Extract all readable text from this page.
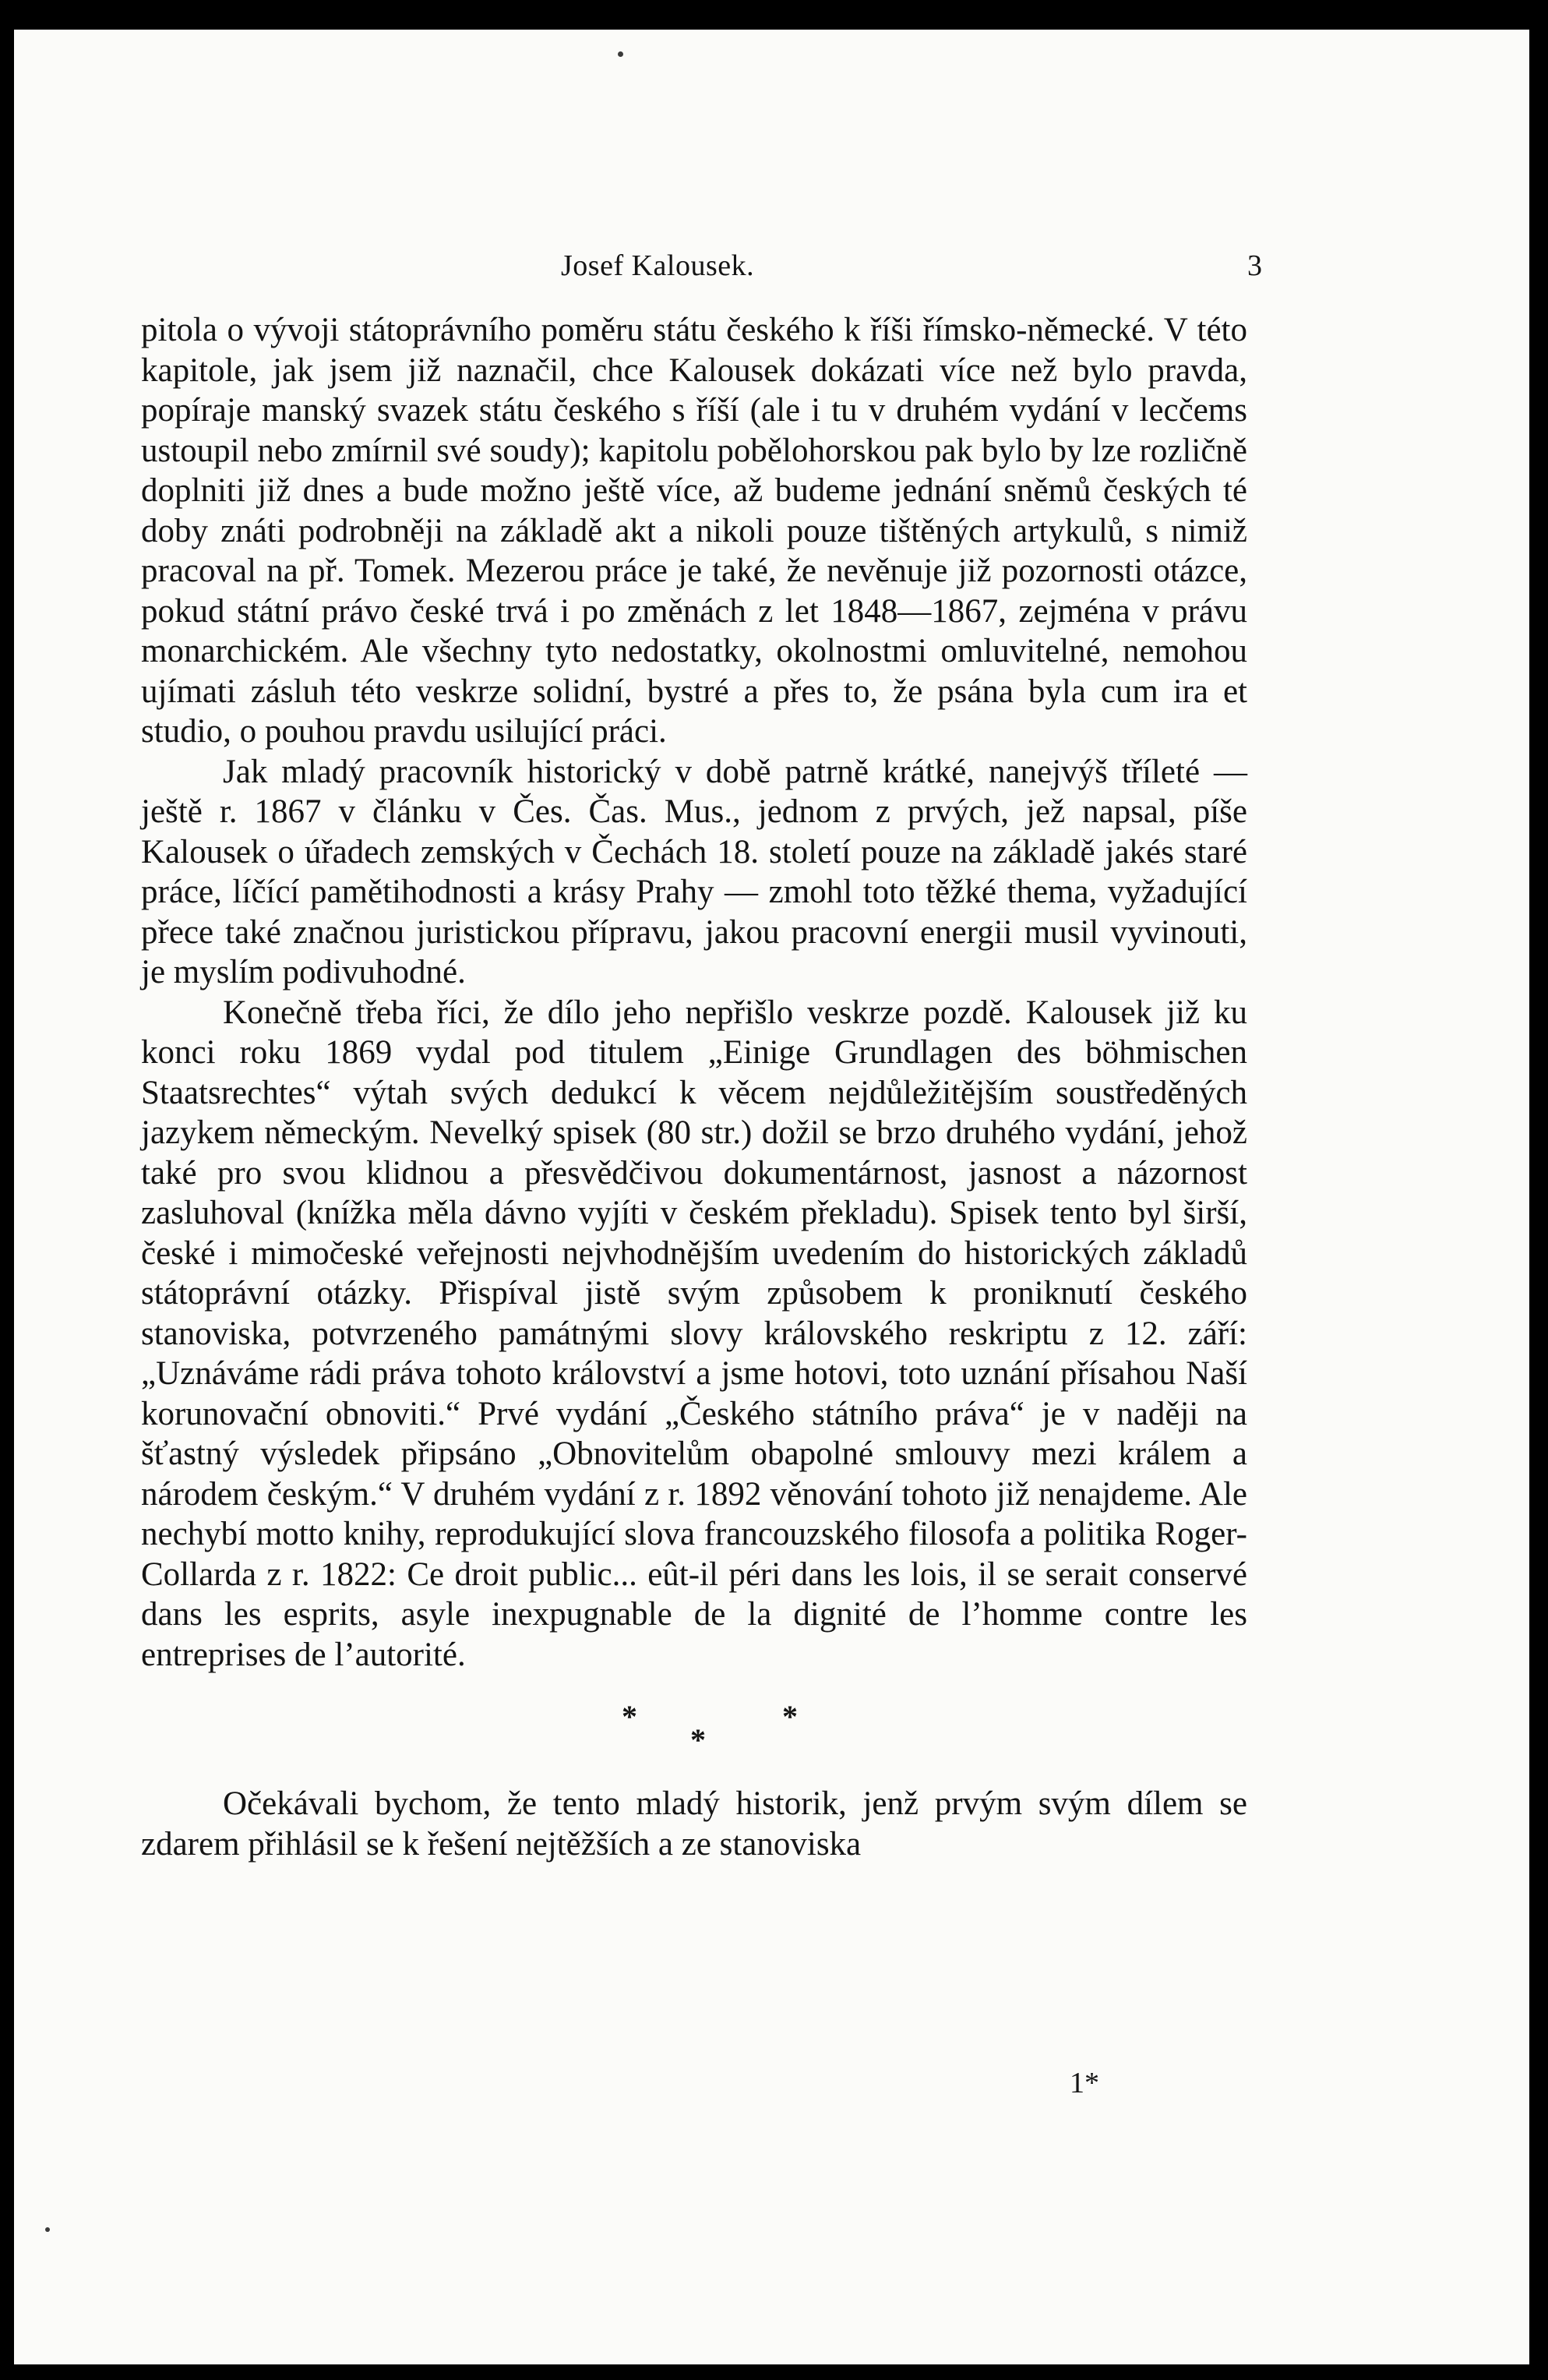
Josef Kalousek.	3

pitola o vývoji státoprávního poměru státu českého k říši římsko-německé. V této kapitole, jak jsem již naznačil, chce Kalousek dokázati více než bylo pravda, popíraje manský svazek státu českého s říší (ale i tu v druhém vydání v lecčems ustoupil nebo zmírnil své soudy); kapitolu pobělohorskou pak bylo by lze rozličně doplniti již dnes a bude možno ještě více, až budeme jednání sněmů českých té doby znáti podrobněji na základě akt a nikoli pouze tištěných artykulů, s nimiž pracoval na př. Tomek. Mezerou práce je také, že nevěnuje již pozornosti otázce, pokud státní právo české trvá i po změnách z let 1848—1867, zejména v právu monarchickém. Ale všechny tyto nedostatky, okolnostmi omluvitelné, nemohou ujímati zásluh této veskrze solidní, bystré a přes to, že psána byla cum ira et studio, o pouhou pravdu usilující práci.

Jak mladý pracovník historický v době patrně krátké, nanejvýš tříleté — ještě r. 1867 v článku v Čes. Čas. Mus., jednom z prvých, jež napsal, píše Kalousek o úřadech zemských v Čechách 18. století pouze na základě jakés staré práce, líčící pamětihodnosti a krásy Prahy — zmohl toto těžké thema, vyžadující přece také značnou juristickou přípravu, jakou pracovní energii musil vyvinouti, je myslím podivuhodné.

Konečně třeba říci, že dílo jeho nepřišlo veskrze pozdě. Kalousek již ku konci roku 1869 vydal pod titulem „Einige Grundlagen des böhmischen Staatsrechtes“ výtah svých dedukcí k věcem nejdůležitějším soustředěných jazykem německým. Nevelký spisek (80 str.) dožil se brzo druhého vydání, jehož také pro svou klidnou a přesvědčivou dokumentárnost, jasnost a názornost zasluhoval (knížka měla dávno vyjíti v českém překladu). Spisek tento byl širší, české i mimočeské veřejnosti nejvhodnějším uvedením do historických základů státoprávní otázky. Přispíval jistě svým způsobem k proniknutí českého stanoviska, potvrzeného památnými slovy královského reskriptu z 12. září: „Uznáváme rádi práva tohoto království a jsme hotovi, toto uznání přísahou Naší korunovační obnoviti.“ Prvé vydání „Českého státního práva“ je v naději na šťastný výsledek připsáno „Obnovitelům obapolné smlouvy mezi králem a národem českým.“ V druhém vydání z r. 1892 věnování tohoto již nenajdeme. Ale nechybí motto knihy, reprodukující slova francouzského filosofa a politika Roger-Collarda z r. 1822: Ce droit public... eût-il péri dans les lois, il se serait conservé dans les esprits, asyle inexpugnable de la dignité de l’homme contre les entreprises de l’autorité.

*
*
*

Očekávali bychom, že tento mladý historik, jenž prvým svým dílem se zdarem přihlásil se k řešení nejtěžších a ze stanoviska

1*
